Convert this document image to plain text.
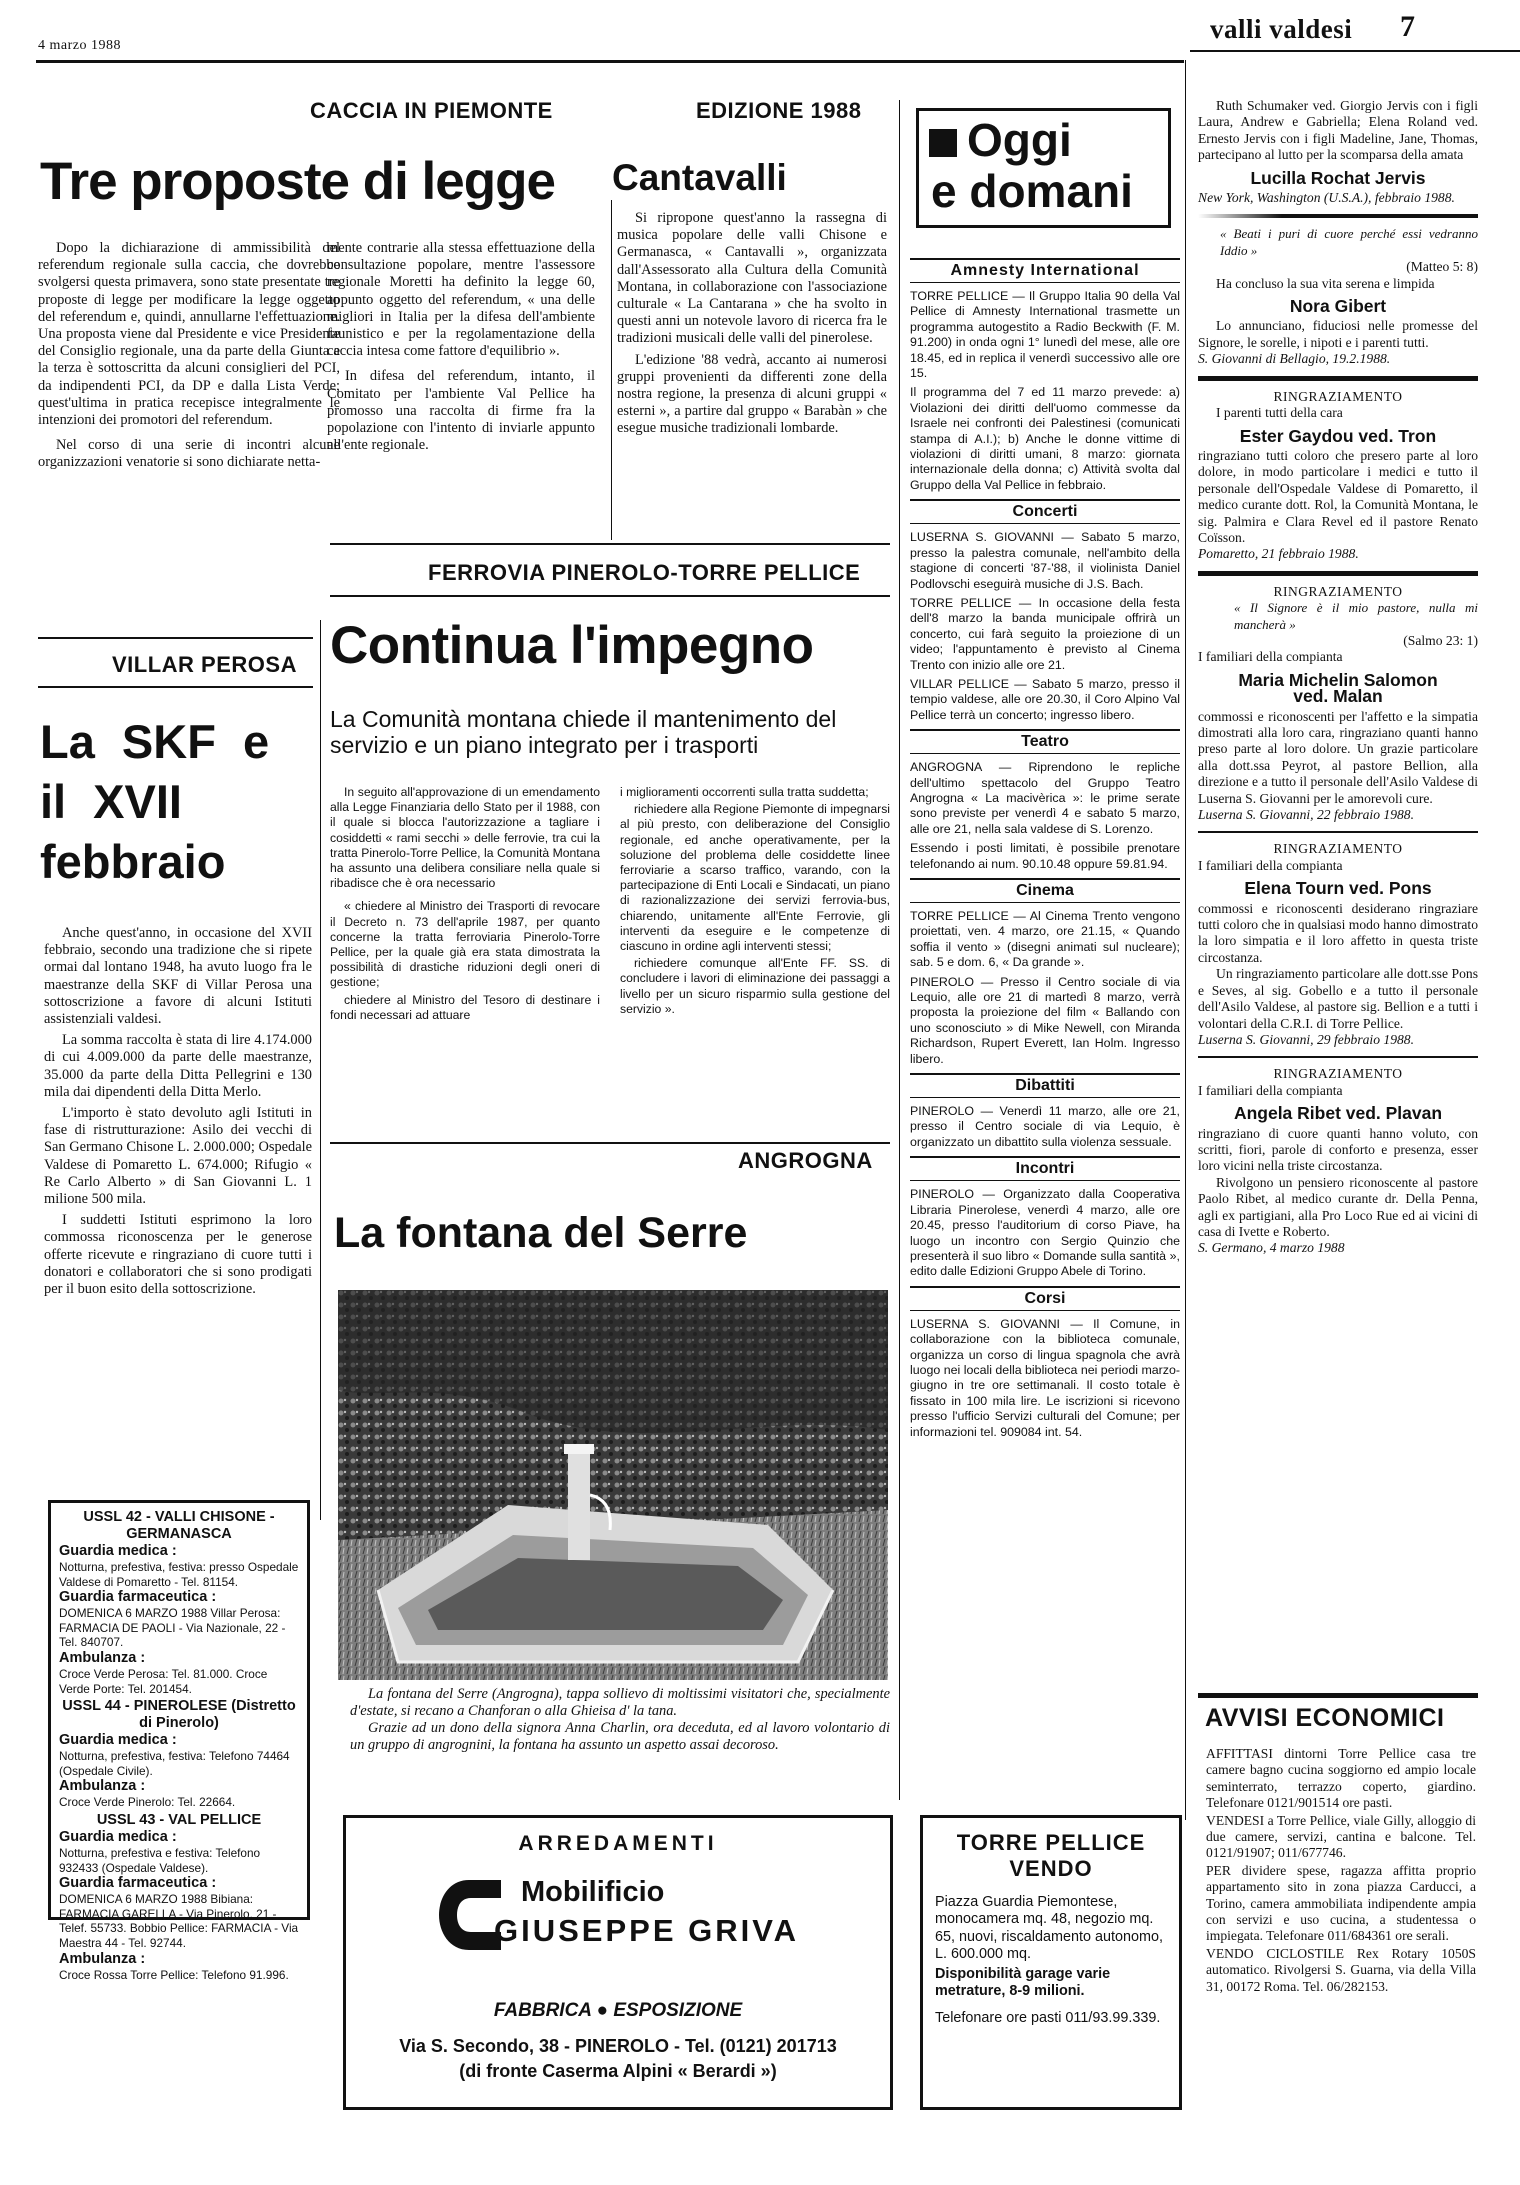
4 marzo 1988
valli valdesi 7
CACCIA IN PIEMONTE
Tre proposte di legge

Dopo la dichiarazione di ammissibilità del referendum regionale sulla caccia, che dovrebbe svolgersi questa primavera, sono state presentate tre proposte di legge per modificare la legge oggetto del referendum e, quindi, annullarne l'effettuazione. Una proposta viene dal Presidente e vice Presidente del Consiglio regionale, una da parte della Giunta e la terza è sottoscritta da alcuni consiglieri del PCI, da indipendenti PCI, da DP e dalla Lista Verde; quest'ultima in pratica recepisce integralmente le intenzioni dei promotori del referendum.

Nel corso di una serie di incontri alcune organizzazioni venatorie si sono dichiarate netta-

mente contrarie alla stessa effettuazione della consultazione popolare, mentre l'assessore regionale Moretti ha definito la legge 60, appunto oggetto del referendum, « una delle migliori in Italia per la difesa dell'ambiente faunistico e per la regolamentazione della caccia intesa come fattore d'equilibrio ».

In difesa del referendum, intanto, il Comitato per l'ambiente Val Pellice ha promosso una raccolta di firme fra la popolazione con l'intento di inviarle appunto all'ente regionale.

EDIZIONE 1988
Cantavalli

Si ripropone quest'anno la rassegna di musica popolare delle valli Chisone e Germanasca, « Cantavalli », organizzata dall'Assessorato alla Cultura della Comunità Montana, in collaborazione con l'associazione culturale « La Cantarana » che ha svolto in questi anni un notevole lavoro di ricerca fra le tradizioni musicali delle valli del pinerolese.

L'edizione '88 vedrà, accanto ai numerosi gruppi provenienti da differenti zone della nostra regione, la presenza di alcuni gruppi « esterni », a partire dal gruppo « Barabàn » che esegue musiche tradizionali lombarde.

FERROVIA PINEROLO-TORRE PELLICE
Continua l'impegno
La Comunità montana chiede il mantenimento del servizio e un piano integrato per i trasporti

In seguito all'approvazione di un emendamento alla Legge Finanziaria dello Stato per il 1988, con il quale si blocca l'autorizzazione a tagliare i cosiddetti « rami secchi » delle ferrovie, tra cui la tratta Pinerolo-Torre Pellice, la Comunità Montana ha assunto una delibera consiliare nella quale si ribadisce che è ora necessario

« chiedere al Ministro dei Trasporti di revocare il Decreto n. 73 dell'aprile 1987, per quanto concerne la tratta ferroviaria Pinerolo-Torre Pellice, per la quale già era stata dimostrata la possibilità di drastiche riduzioni degli oneri di gestione;

chiedere al Ministro del Tesoro di destinare i fondi necessari ad attuare

i miglioramenti occorrenti sulla tratta suddetta;

richiedere alla Regione Piemonte di impegnarsi al più presto, con deliberazione del Consiglio regionale, ed anche operativamente, per la soluzione del problema delle cosiddette linee ferroviarie a scarso traffico, varando, con la partecipazione di Enti Locali e Sindacati, un piano di razionalizzazione dei servizi ferrovia-bus, chiarendo, unitamente all'Ente Ferrovie, gli interventi da eseguire e le competenze di ciascuno in ordine agli interventi stessi;

richiedere comunque all'Ente FF. SS. di concludere i lavori di eliminazione dei passaggi a livello per un sicuro risparmio sulla gestione del servizio ».

VILLAR PEROSA
La SKF e il XVII febbraio

Anche quest'anno, in occasione del XVII febbraio, secondo una tradizione che si ripete ormai dal lontano 1948, ha avuto luogo fra le maestranze della SKF di Villar Perosa una sottoscrizione a favore di alcuni Istituti assistenziali valdesi.

La somma raccolta è stata di lire 4.174.000 di cui 4.009.000 da parte delle maestranze, 35.000 da parte della Ditta Pellegrini e 130 mila dai dipendenti della Ditta Merlo.

L'importo è stato devoluto agli Istituti in fase di ristrutturazione: Asilo dei vecchi di San Germano Chisone L. 2.000.000; Ospedale Valdese di Pomaretto L. 674.000; Rifugio « Re Carlo Alberto » di San Giovanni L. 1 milione 500 mila.

I suddetti Istituti esprimono la loro commossa riconoscenza per le generose offerte ricevute e ringraziano di cuore tutti i donatori e collaboratori che si sono prodigati per il buon esito della sottoscrizione.

USSL 42 - VALLI CHISONE - GERMANASCA
Guardia medica :
Notturna, prefestiva, festiva: presso Ospedale Valdese di Pomaretto - Tel. 81154.
Guardia farmaceutica :
DOMENICA 6 MARZO 1988 Villar Perosa: FARMACIA DE PAOLI - Via Nazionale, 22 - Tel. 840707.
Ambulanza :
Croce Verde Perosa: Tel. 81.000. Croce Verde Porte: Tel. 201454.
USSL 44 - PINEROLESE (Distretto di Pinerolo)
Guardia medica :
Notturna, prefestiva, festiva: Telefono 74464 (Ospedale Civile).
Ambulanza :
Croce Verde Pinerolo: Tel. 22664.
USSL 43 - VAL PELLICE
Guardia medica :
Notturna, prefestiva e festiva: Telefono 932433 (Ospedale Valdese).
Guardia farmaceutica :
DOMENICA 6 MARZO 1988 Bibiana: FARMACIA GARELLA - Via Pinerolo, 21 - Telef. 55733. Bobbio Pellice: FARMACIA - Via Maestra 44 - Tel. 92744.
Ambulanza :
Croce Rossa Torre Pellice: Telefono 91.996.
ANGROGNA
La fontana del Serre

La fontana del Serre (Angrogna), tappa sollievo di moltissimi visitatori che, specialmente d'estate, si recano a Chanforan o alla Ghieisa d' la tana.

Grazie ad un dono della signora Anna Charlin, ora deceduta, ed al lavoro volontario di un gruppo di angrognini, la fontana ha assunto un aspetto assai decoroso.

ARREDAMENTI
Mobilificio
GIUSEPPE GRIVA
FABBRICA ● ESPOSIZIONE
Via S. Secondo, 38 - PINEROLO - Tel. (0121) 201713
(di fronte Caserma Alpini « Berardi »)
TORRE PELLICE
VENDO
Piazza Guardia Piemontese, monocamera mq. 48, negozio mq. 65, nuovi, riscaldamento autonomo, L. 600.000 mq.
Disponibilità garage varie metrature, 8-9 milioni.
Telefonare ore pasti 011/93.99.339.
Oggi
e domani
Amnesty International
TORRE PELLICE — Il Gruppo Italia 90 della Val Pellice di Amnesty International trasmette un programma autogestito a Radio Beckwith (F. M. 91.200) in onda ogni 1° lunedì del mese, alle ore 18.45, ed in replica il venerdì successivo alle ore 15.
Il programma del 7 ed 11 marzo prevede: a) Violazioni dei diritti dell'uomo commesse da Israele nei confronti dei Palestinesi (comunicati stampa di A.I.); b) Anche le donne vittime di violazioni di diritti umani, 8 marzo: giornata internazionale della donna; c) Attività svolta dal Gruppo della Val Pellice in febbraio.
Concerti
LUSERNA S. GIOVANNI — Sabato 5 marzo, presso la palestra comunale, nell'ambito della stagione di concerti '87-'88, il violinista Daniel Podlovschi eseguirà musiche di J.S. Bach.
TORRE PELLICE — In occasione della festa dell'8 marzo la banda municipale offrirà un concerto, cui farà seguito la proiezione di un video; l'appuntamento è previsto al Cinema Trento con inizio alle ore 21.
VILLAR PELLICE — Sabato 5 marzo, presso il tempio valdese, alle ore 20.30, il Coro Alpino Val Pellice terrà un concerto; ingresso libero.
Teatro
ANGROGNA — Riprendono le repliche dell'ultimo spettacolo del Gruppo Teatro Angrogna « La macivèrica »: le prime serate sono previste per venerdì 4 e sabato 5 marzo, alle ore 21, nella sala valdese di S. Lorenzo.
Essendo i posti limitati, è possibile prenotare telefonando ai num. 90.10.48 oppure 59.81.94.
Cinema
TORRE PELLICE — Al Cinema Trento vengono proiettati, ven. 4 marzo, ore 21.15, « Quando soffia il vento » (disegni animati sul nucleare); sab. 5 e dom. 6, « Da grande ».
PINEROLO — Presso il Centro sociale di via Lequio, alle ore 21 di martedì 8 marzo, verrà proposta la proiezione del film « Ballando con uno sconosciuto » di Mike Newell, con Miranda Richardson, Rupert Everett, Ian Holm. Ingresso libero.
Dibattiti
PINEROLO — Venerdì 11 marzo, alle ore 21, presso il Centro sociale di via Lequio, è organizzato un dibattito sulla violenza sessuale.
Incontri
PINEROLO — Organizzato dalla Cooperativa Libraria Pinerolese, venerdì 4 marzo, alle ore 20.45, presso l'auditorium di corso Piave, ha luogo un incontro con Sergio Quinzio che presenterà il suo libro « Domande sulla santità », edito dalle Edizioni Gruppo Abele di Torino.
Corsi
LUSERNA S. GIOVANNI — Il Comune, in collaborazione con la biblioteca comunale, organizza un corso di lingua spagnola che avrà luogo nei locali della biblioteca nei periodi marzo-giugno in tre ore settimanali. Il costo totale è fissato in 100 mila lire. Le iscrizioni si ricevono presso l'ufficio Servizi culturali del Comune; per informazioni tel. 909084 int. 54.

Ruth Schumaker ved. Giorgio Jervis con i figli Laura, Andrew e Gabriella; Elena Roland ved. Ernesto Jervis con i figli Madeline, Jane, Thomas, partecipano al lutto per la scomparsa della amata

Lucilla Rochat Jervis

New York, Washington (U.S.A.), febbraio 1988.

« Beati i puri di cuore perché essi vedranno Iddio »

(Matteo 5: 8)

Ha concluso la sua vita serena e limpida

Nora Gibert

Lo annunciano, fiduciosi nelle promesse del Signore, le sorelle, i nipoti e i parenti tutti.

S. Giovanni di Bellagio, 19.2.1988.

RINGRAZIAMENTO

I parenti tutti della cara

Ester Gaydou ved. Tron

ringraziano tutti coloro che presero parte al loro dolore, in modo particolare i medici e tutto il personale dell'Ospedale Valdese di Pomaretto, il medico curante dott. Rol, la Comunità Montana, le sig. Palmira e Clara Revel ed il pastore Renato Coïsson.

Pomaretto, 21 febbraio 1988.

RINGRAZIAMENTO

« Il Signore è il mio pastore, nulla mi mancherà »

(Salmo 23: 1)

I familiari della compianta

Maria Michelin Salomon
ved. Malan

commossi e riconoscenti per l'affetto e la simpatia dimostrati alla loro cara, ringraziano quanti hanno preso parte al loro dolore. Un grazie particolare alla dott.ssa Peyrot, al pastore Bellion, alla direzione e a tutto il personale dell'Asilo Valdese di Luserna S. Giovanni per le amorevoli cure.

Luserna S. Giovanni, 22 febbraio 1988.

RINGRAZIAMENTO

I familiari della compianta

Elena Tourn ved. Pons

commossi e riconoscenti desiderano ringraziare tutti coloro che in qualsiasi modo hanno dimostrato la loro simpatia e il loro affetto in questa triste circostanza.

Un ringraziamento particolare alle dott.sse Pons e Seves, al sig. Gobello e a tutto il personale dell'Asilo Valdese, al pastore sig. Bellion e a tutti i volontari della C.R.I. di Torre Pellice.

Luserna S. Giovanni, 29 febbraio 1988.

RINGRAZIAMENTO

I familiari della compianta

Angela Ribet ved. Plavan

ringraziano di cuore quanti hanno voluto, con scritti, fiori, parole di conforto e presenza, esser loro vicini nella triste circostanza.

Rivolgono un pensiero riconoscente al pastore Paolo Ribet, al medico curante dr. Della Penna, agli ex partigiani, alla Pro Loco Rue ed ai vicini di casa di Ivette e Roberto.

S. Germano, 4 marzo 1988

AVVISI ECONOMICI

AFFITTASI dintorni Torre Pellice casa tre camere bagno cucina soggiorno ed ampio locale seminterrato, terrazzo coperto, giardino. Telefonare 0121/901514 ore pasti.

VENDESI a Torre Pellice, viale Gilly, alloggio di due camere, servizi, cantina e balcone. Tel. 0121/91907; 011/677746.

PER dividere spese, ragazza affitta proprio appartamento sito in zona piazza Carducci, a Torino, camera ammobiliata indipendente ampia con servizi e uso cucina, a studentessa o impiegata. Telefonare 011/684361 ore serali.

VENDO CICLOSTILE Rex Rotary 1050S automatico. Rivolgersi S. Guarna, via della Villa 31, 00172 Roma. Tel. 06/282153.
